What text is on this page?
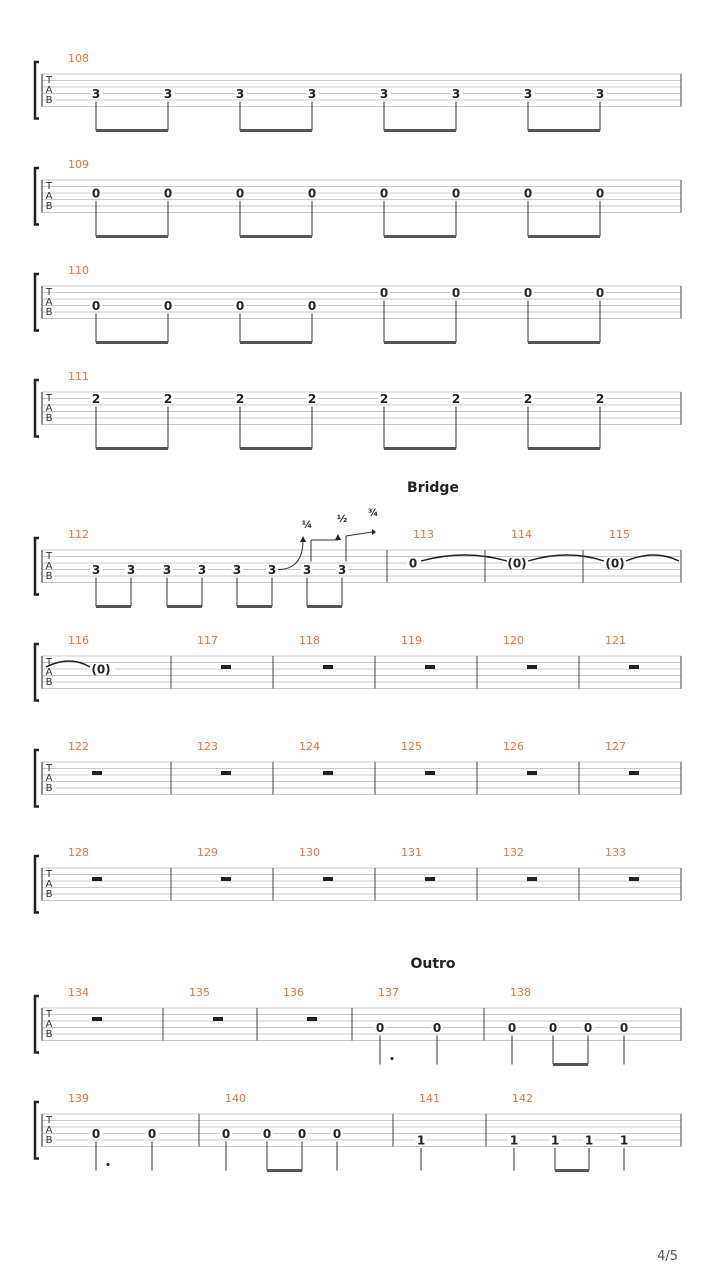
Bridge
Outro
T
A
B
108
3	3	3	3	3	3	3	3
T
A
B
109
0	0	0	0	0	0	0	0
T
A
B
110
0	0	0	0
0	0	0	0
T
A
B
111
2	2	2	2	2	2	2	2
T
A
B
112
3 3 3 3 3 3 3 3
113
0
114
(0)
115
(0)
¼
½
¾
T
A
B
116
(0)
117	118	119	120	121
T
A
B
122	123	124	125	126	127
T
A
B
128	129	130	131	132	133
T
A
B
134	135	136	137
0	0
138
0	0 0 0
T
A
B
139
0	0
140
0	0 0 0
141
1
142
1	1 1 1
4/5
